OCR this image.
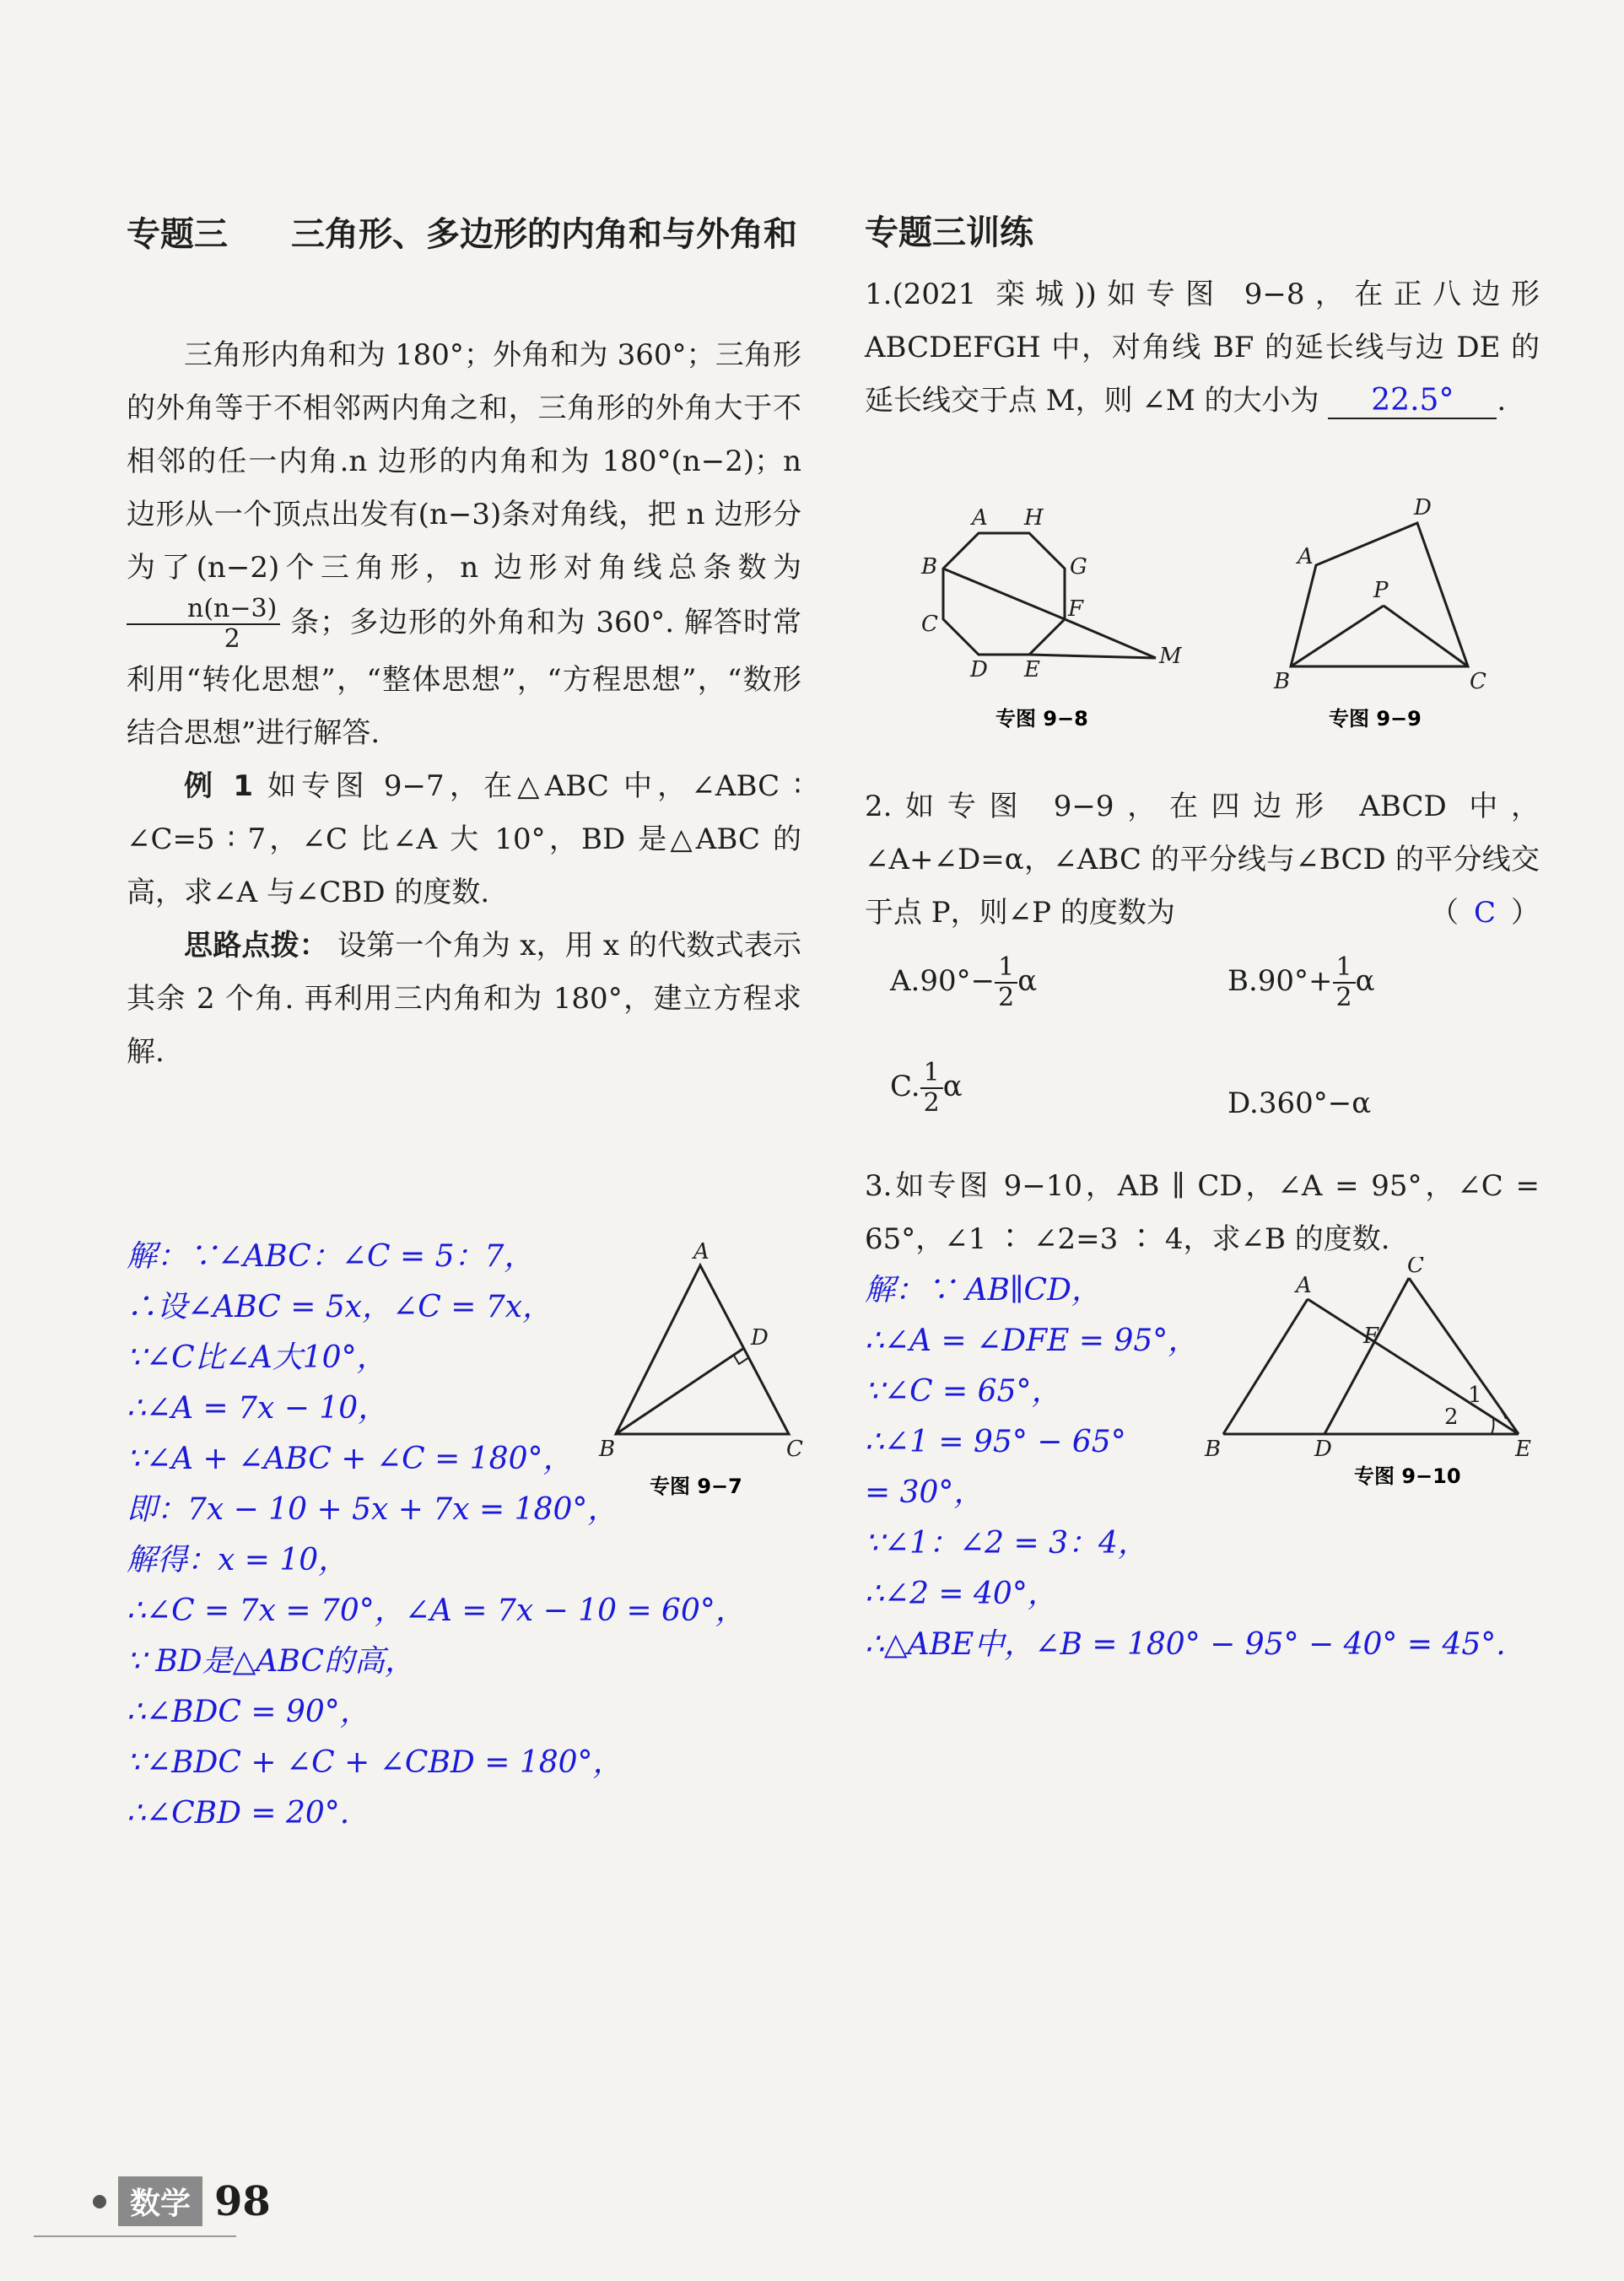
专题三 三角形、多边形的内角和与外角和

三角形内角和为 180°；外角和为 360°；三角形的外角等于不相邻两内角之和，三角形的外角大于不相邻的任一内角.n 边形的内角和为 180°(n−2)；n 边形从一个顶点出发有(n−3)条对角线，把 n 边形分为了(n−2)个三角形，n 边形对角线总条数为
$\frac{n(n-3)}{2}$ 条；多边形的外角和为 360°. 解答时常利用“转化思想”，“整体思想”，“方程思想”，“数形结合思想”进行解答.

例 1 如专图 9−7，在△ABC 中，∠ABC ∶ ∠C=5 ∶ 7，∠C 比∠A 大 10°，BD 是△ABC 的高，求∠A 与∠CBD 的度数.

思路点拨： 设第一个角为 x，用 x 的代数式表示其余 2 个角. 再利用三内角和为 180°，建立方程求解.

解：∵∠ABC：∠C = 5：7，
∴设∠ABC = 5x，∠C = 7x，
∵∠C比∠A大10°，
∴∠A = 7x − 10，
∵∠A + ∠ABC + ∠C = 180°，
即：7x − 10 + 5x + 7x = 180°，
解得：x = 10，
∴∠C = 7x = 70°，∠A = 7x − 10 = 60°，
∵ BD是△ABC的高，
∴∠BDC = 90°，
∵∠BDC + ∠C + ∠CBD = 180°，
∴∠CBD = 20°.
A
B	C
D
专图 9−7
专题三训练

1.(2021 栾城))如专图 9−8，在正八边形 ABCDEFGH 中，对角线 BF 的延长线与边 DE 的延长线交于点 M，则 ∠M 的大小为 22.5° .

A H
B	G
F
C
D E
M
专图 9−8
A
D
P
B	C
专图 9−9

2.如专图 9−9，在四边形 ABCD 中，∠A+∠D=α，∠ABC 的平分线与∠BCD 的平分线交于点 P，则∠P 的度数为	（ C ）

$A.90^\circ- \frac{1}{2}$ α	$B.90^\circ+ \frac{1}{2}$ α
C. $\frac{1}{2}$ α	D.360°−α

3.如专图 9−10，AB ∥ CD，∠A = 95°，∠C = 65°，∠1 ∶ ∠2=3 ∶ 4，求∠B 的度数.

解：∵ AB∥CD，
∴∠A = ∠DFE = 95°，
∵∠C = 65°，
∴∠1 = 95° − 65°
= 30°，
∵∠1：∠2 = 3：4，
∴∠2 = 40°，
∴△ABE中，∠B = 180° − 95° − 40° = 45°.
A
C
F
1
2
B	D	E
专图 9−10
数学 98
